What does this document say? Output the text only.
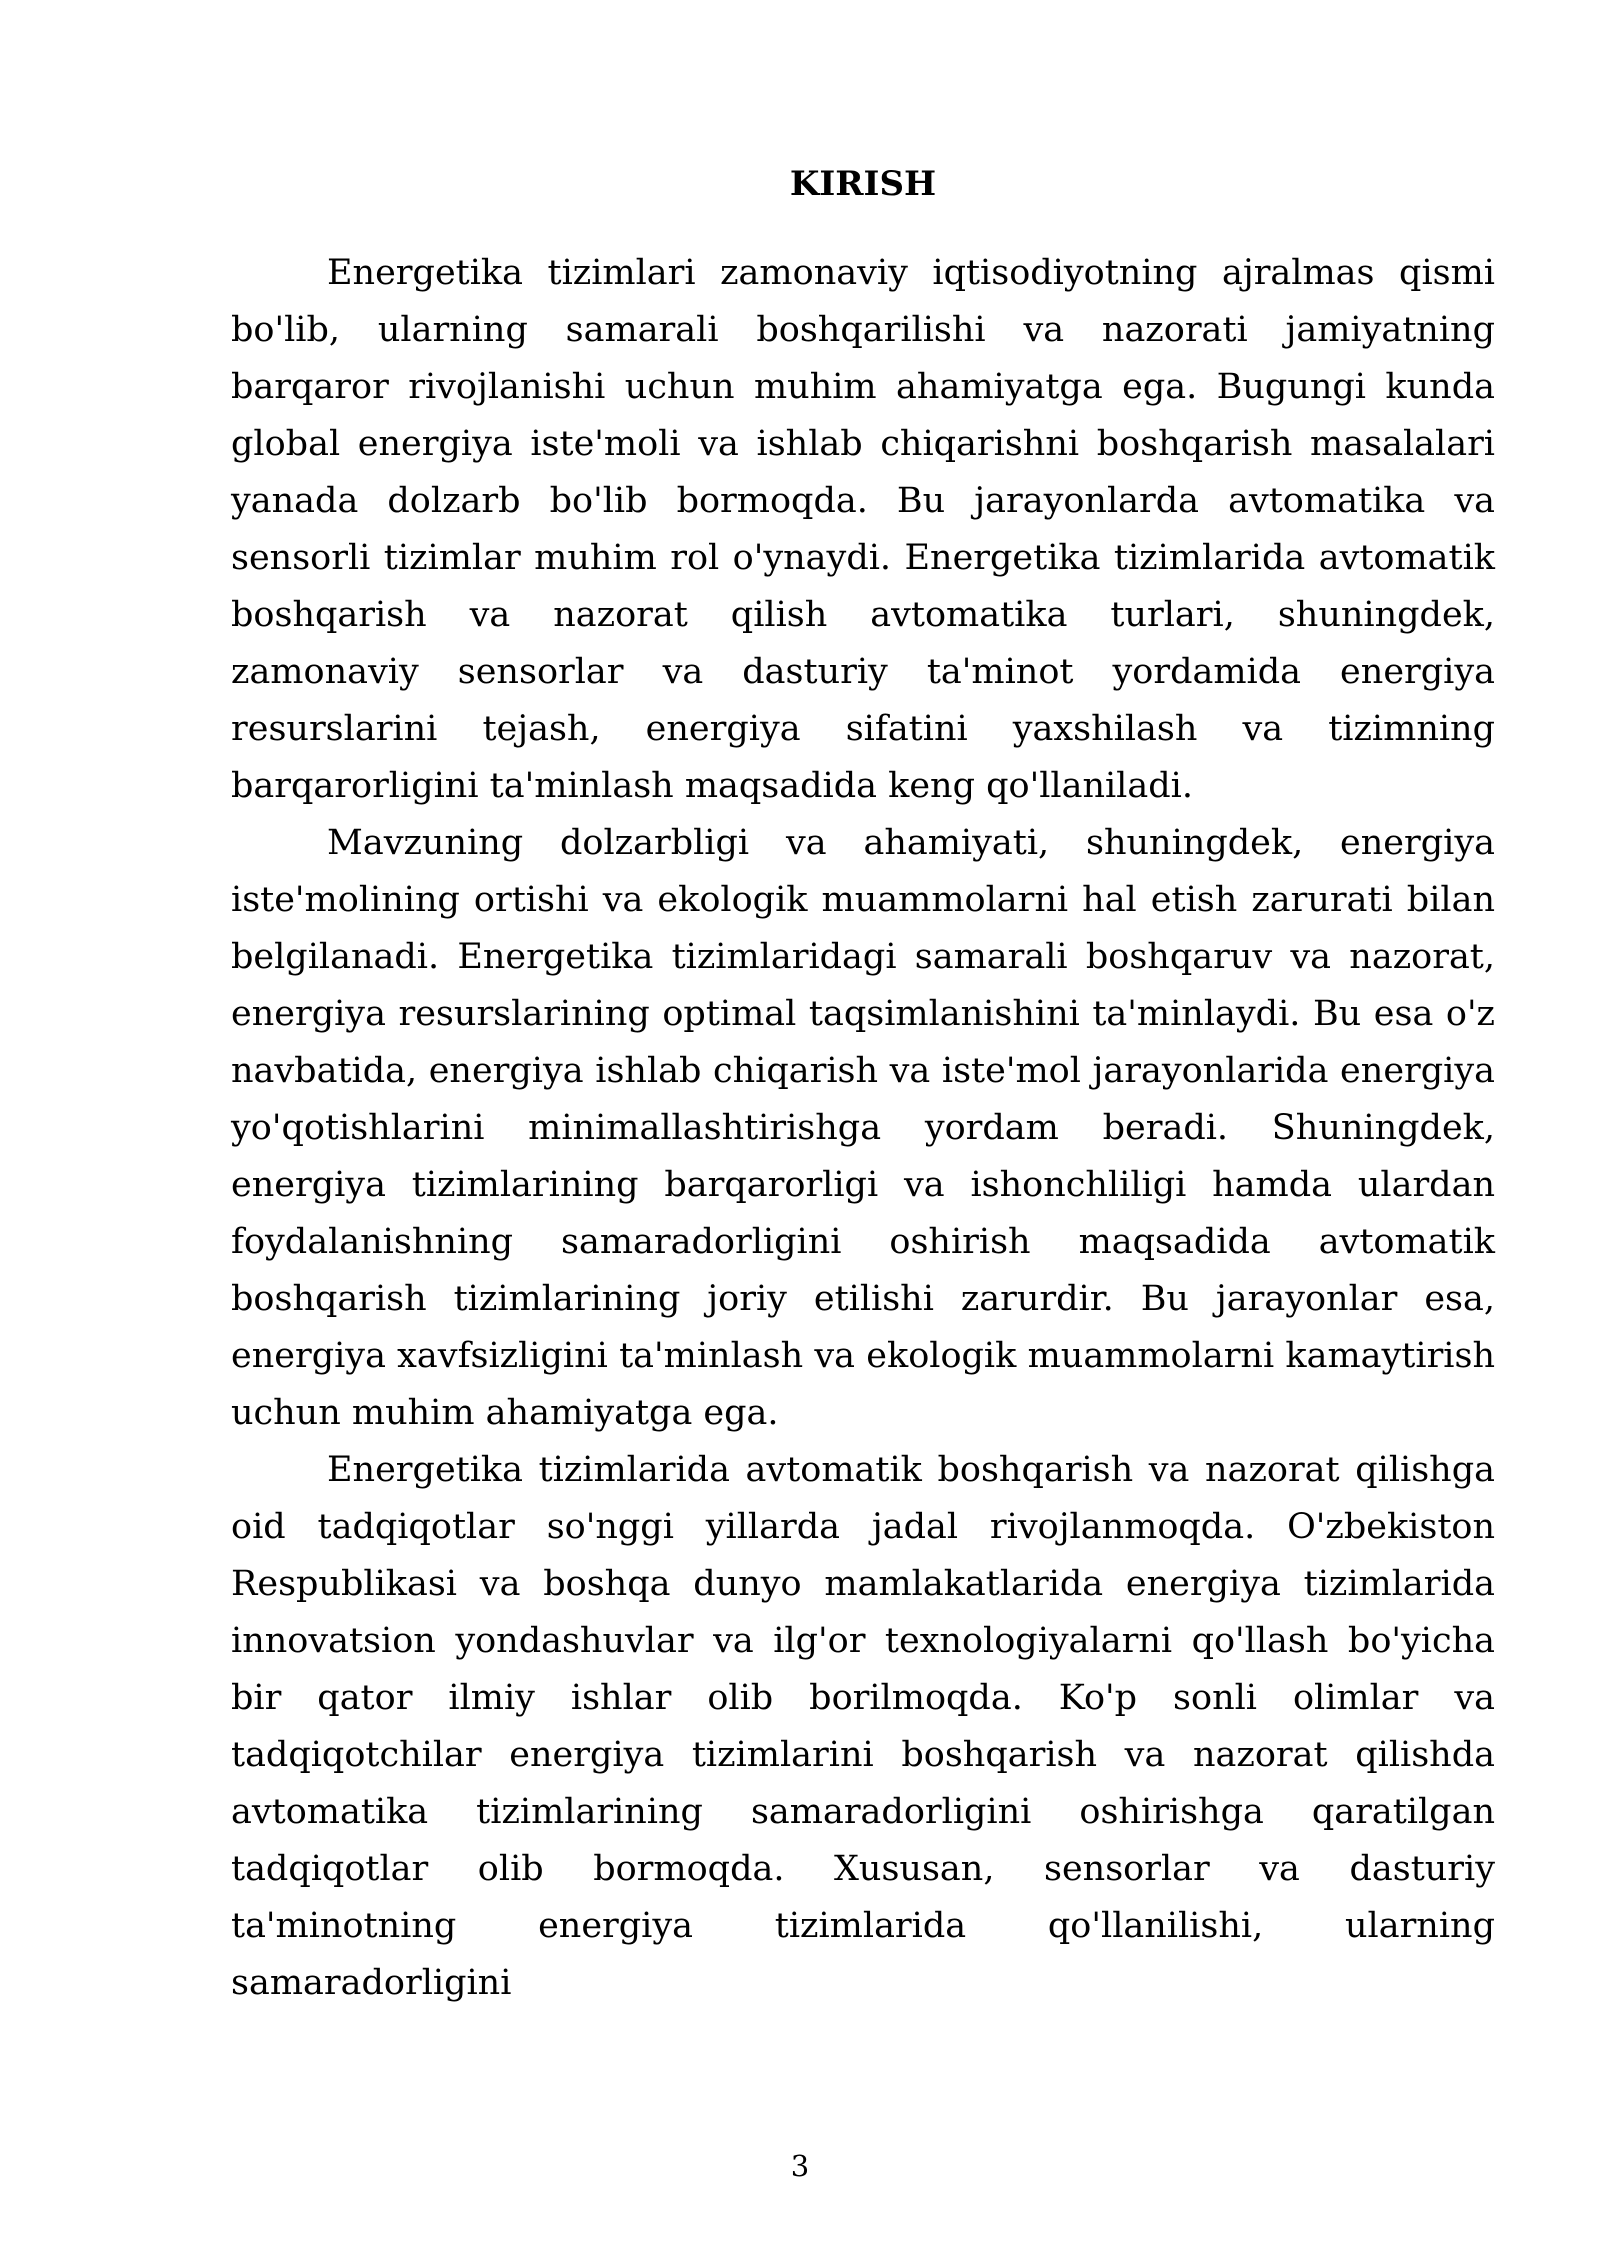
KIRISH

Energetika tizimlari zamonaviy iqtisodiyotning ajralmas qismi bo'lib, ularning samarali boshqarilishi va nazorati jamiyatning barqaror rivojlanishi uchun muhim ahamiyatga ega. Bugungi kunda global energiya iste'moli va ishlab chiqarishni boshqarish masalalari yanada dolzarb bo'lib bormoqda. Bu jarayonlarda avtomatika va sensorli tizimlar muhim rol o'ynaydi. Energetika tizimlarida avtomatik boshqarish va nazorat qilish avtomatika turlari, shuningdek, zamonaviy sensorlar va dasturiy ta'minot yordamida energiya resurslarini tejash, energiya sifatini yaxshilash va tizimning barqarorligini ta'minlash maqsadida keng qo'llaniladi.

Mavzuning dolzarbligi va ahamiyati, shuningdek, energiya iste'molining ortishi va ekologik muammolarni hal etish zarurati bilan belgilanadi. Energetika tizimlaridagi samarali boshqaruv va nazorat, energiya resurslarining optimal taqsimlanishini ta'minlaydi. Bu esa o'z navbatida, energiya ishlab chiqarish va iste'mol jarayonlarida energiya yo'qotishlarini minimallashtirishga yordam beradi. Shuningdek, energiya tizimlarining barqarorligi va ishonchliligi hamda ulardan foydalanishning samaradorligini oshirish maqsadida avtomatik boshqarish tizimlarining joriy etilishi zarurdir. Bu jarayonlar esa, energiya xavfsizligini ta'minlash va ekologik muammolarni kamaytirish uchun muhim ahamiyatga ega.

Energetika tizimlarida avtomatik boshqarish va nazorat qilishga oid tadqiqotlar so'nggi yillarda jadal rivojlanmoqda. O'zbekiston Respublikasi va boshqa dunyo mamlakatlarida energiya tizimlarida innovatsion yondashuvlar va ilg'or texnologiyalarni qo'llash bo'yicha bir qator ilmiy ishlar olib borilmoqda. Ko'p sonli olimlar va tadqiqotchilar energiya tizimlarini boshqarish va nazorat qilishda avtomatika tizimlarining samaradorligini oshirishga qaratilgan tadqiqotlar olib bormoqda. Xususan, sensorlar va dasturiy ta'minotning energiya tizimlarida qo'llanilishi, ularning samaradorligini

3
